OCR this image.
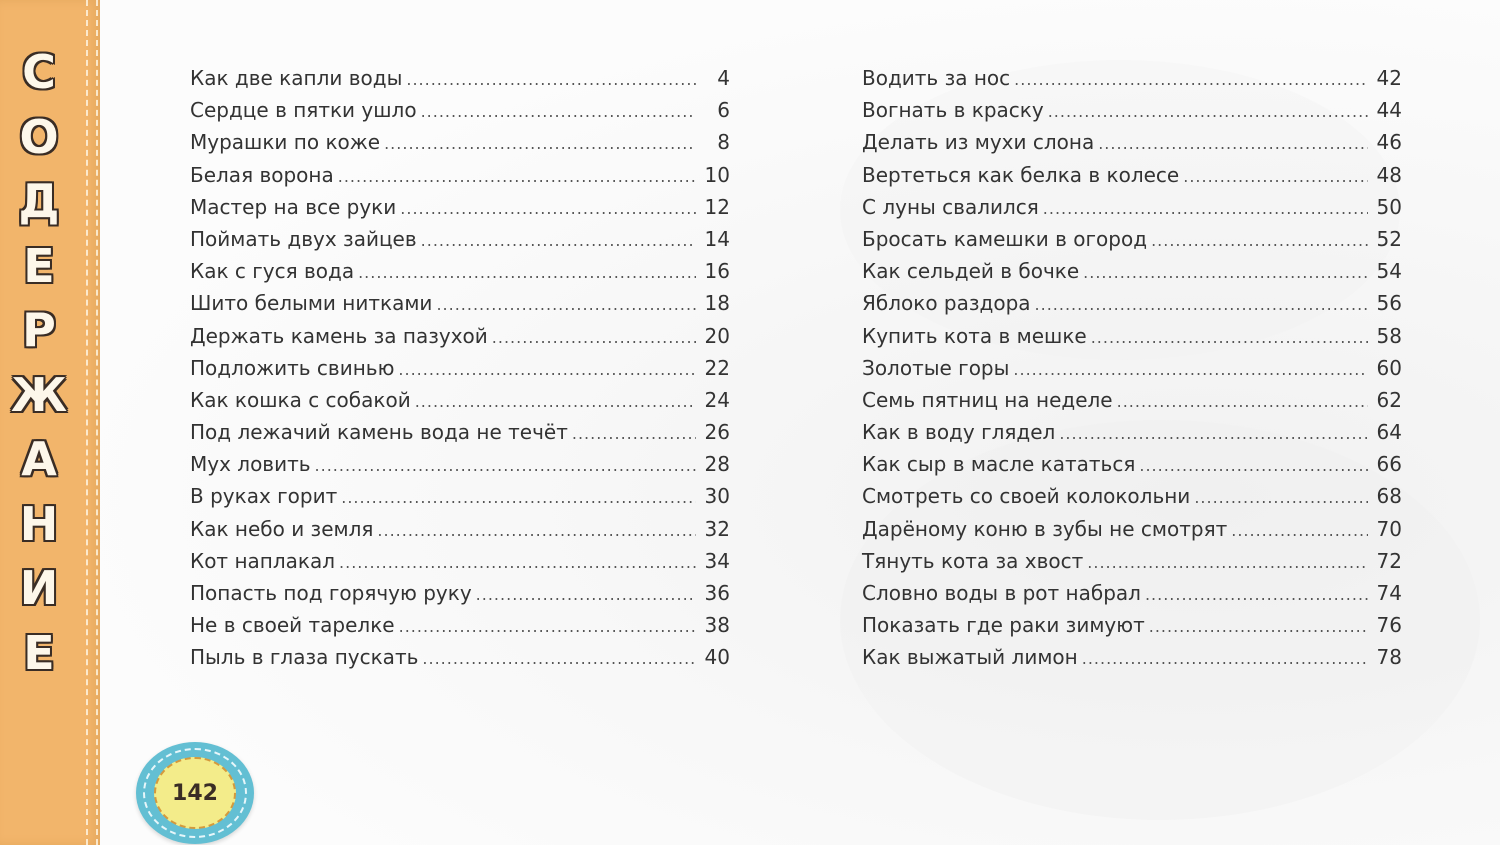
С
О
Д
Е
Р
Ж
А
Н
И
Е
Как две капли воды .....	4
Сердце в пятки ушло .....	6
Мурашки по коже .....	8
Белая ворона .....	10
Мастер на все руки .....	12
Поймать двух зайцев .....	14
Как с гуся вода .....	16
Шито белыми нитками .....	18
Держать камень за пазухой .....	20
Подложить свинью .....	22
Как кошка с собакой .....	24
Под лежачий камень вода не течёт .....	26
Мух ловить .....	28
В руках горит .....	30
Как небо и земля .....	32
Кот наплакал .....	34
Попасть под горячую руку .....	36
Не в своей тарелке .....	38
Пыль в глаза пускать .....	40
Водить за нос .....	42
Вогнать в краску .....	44
Делать из мухи слона .....	46
Вертеться как белка в колесе .....	48
С луны свалился .....	50
Бросать камешки в огород .....	52
Как сельдей в бочке .....	54
Яблоко раздора .....	56
Купить кота в мешке .....	58
Золотые горы .....	60
Семь пятниц на неделе .....	62
Как в воду глядел .....	64
Как сыр в масле кататься .....	66
Смотреть со своей колокольни .....	68
Дарёному коню в зубы не смотрят .....	70
Тянуть кота за хвост .....	72
Словно воды в рот набрал .....	74
Показать где раки зимуют .....	76
Как выжатый лимон .....	78
142
